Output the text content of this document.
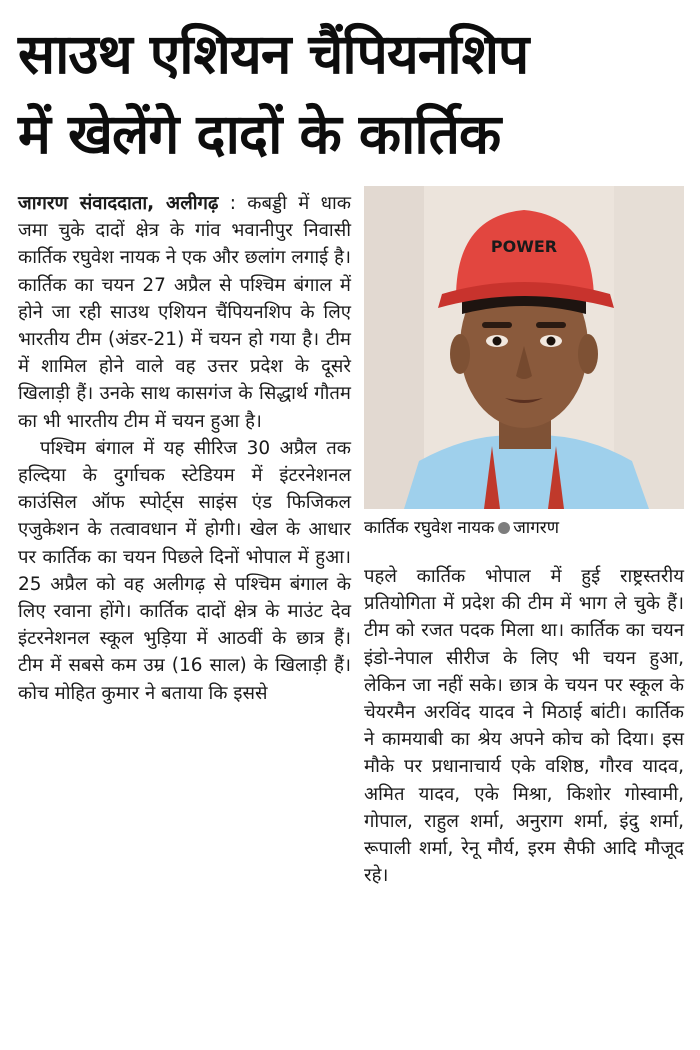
साउथ एशियन चैंपियनशिप
में खेलेंगे दादों के कार्तिक

जागरण संवाददाता, अलीगढ़ : कबड्डी में धाक जमा चुके दादों क्षेत्र के गांव भवानीपुर निवासी कार्तिक रघुवेश नायक ने एक और छलांग लगाई है। कार्तिक का चयन 27 अप्रैल से पश्चिम बंगाल में होने जा रही साउथ एशियन चैंपियनशिप के लिए भारतीय टीम (अंडर-21) में चयन हो गया है। टीम में शामिल होने वाले वह उत्तर प्रदेश के दूसरे खिलाड़ी हैं। उनके साथ कासगंज के सिद्धार्थ गौतम का भी भारतीय टीम में चयन हुआ है।

पश्चिम बंगाल में यह सीरिज 30 अप्रैल तक हल्दिया के दुर्गाचक स्टेडियम में इंटरनेशनल काउंसिल ऑफ स्पोर्ट्स साइंस एंड फिजिकल एजुकेशन के तत्वावधान में होगी। खेल के आधार पर कार्तिक का चयन पिछले दिनों भोपाल में हुआ। 25 अप्रैल को वह अलीगढ़ से पश्चिम बंगाल के लिए रवाना होंगे। कार्तिक दादों क्षेत्र के माउंट देव इंटरनेशनल स्कूल भुड़िया में आठवीं के छात्र हैं। टीम में सबसे कम उम्र (16 साल) के खिलाड़ी हैं। कोच मोहित कुमार ने बताया कि इससे

POWER
कार्तिक रघुवेश नायक जागरण

पहले कार्तिक भोपाल में हुई राष्ट्रस्तरीय प्रतियोगिता में प्रदेश की टीम में भाग ले चुके हैं। टीम को रजत पदक मिला था। कार्तिक का चयन इंडो-नेपाल सीरीज के लिए भी चयन हुआ, लेकिन जा नहीं सके। छात्र के चयन पर स्कूल के चेयरमैन अरविंद यादव ने मिठाई बांटी। कार्तिक ने कामयाबी का श्रेय अपने कोच को दिया। इस मौके पर प्रधानाचार्य एके वशिष्ठ, गौरव यादव, अमित यादव, एके मिश्रा, किशोर गोस्वामी, गोपाल, राहुल शर्मा, अनुराग शर्मा, इंदु शर्मा, रूपाली शर्मा, रेनू मौर्य, इरम सैफी आदि मौजूद रहे।
